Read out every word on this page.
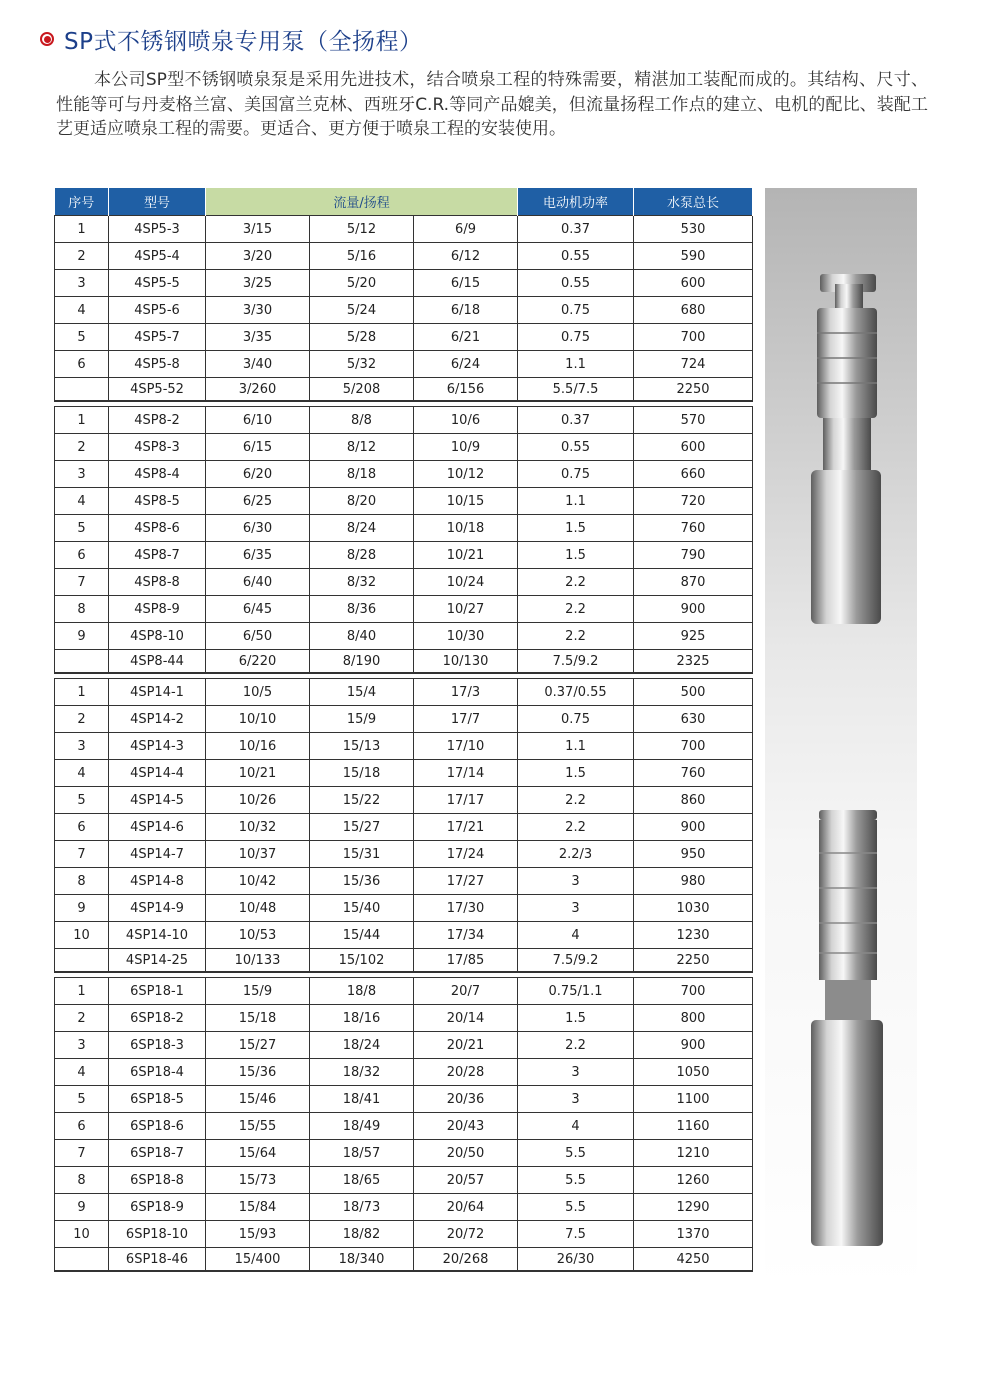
SP式不锈钢喷泉专用泵（全扬程）

本公司SP型不锈钢喷泉泵是采用先进技术，结合喷泉工程的特殊需要，精湛加工装配而成的。其结构、尺寸、性能等可与丹麦格兰富、美国富兰克林、西班牙C.R.等同产品媲美，但流量扬程工作点的建立、电机的配比、装配工艺更适应喷泉工程的需要。更适合、更方便于喷泉工程的安装使用。

序号	型号	流量/扬程			电动机功率	水泵总长
1	4SP5-3	3/15	5/12	6/9	0.37	530
2	4SP5-4	3/20	5/16	6/12	0.55	590
3	4SP5-5	3/25	5/20	6/15	0.55	600
4	4SP5-6	3/30	5/24	6/18	0.75	680
5	4SP5-7	3/35	5/28	6/21	0.75	700
6	4SP5-8	3/40	5/32	6/24	1.1	724
	4SP5-52	3/260	5/208	6/156	5.5/7.5	2250

1	4SP8-2	6/10	8/8	10/6	0.37	570
2	4SP8-3	6/15	8/12	10/9	0.55	600
3	4SP8-4	6/20	8/18	10/12	0.75	660
4	4SP8-5	6/25	8/20	10/15	1.1	720
5	4SP8-6	6/30	8/24	10/18	1.5	760
6	4SP8-7	6/35	8/28	10/21	1.5	790
7	4SP8-8	6/40	8/32	10/24	2.2	870
8	4SP8-9	6/45	8/36	10/27	2.2	900
9	4SP8-10	6/50	8/40	10/30	2.2	925
	4SP8-44	6/220	8/190	10/130	7.5/9.2	2325

1	4SP14-1	10/5	15/4	17/3	0.37/0.55	500
2	4SP14-2	10/10	15/9	17/7	0.75	630
3	4SP14-3	10/16	15/13	17/10	1.1	700
4	4SP14-4	10/21	15/18	17/14	1.5	760
5	4SP14-5	10/26	15/22	17/17	2.2	860
6	4SP14-6	10/32	15/27	17/21	2.2	900
7	4SP14-7	10/37	15/31	17/24	2.2/3	950
8	4SP14-8	10/42	15/36	17/27	3	980
9	4SP14-9	10/48	15/40	17/30	3	1030
10	4SP14-10	10/53	15/44	17/34	4	1230
	4SP14-25	10/133	15/102	17/85	7.5/9.2	2250

1	6SP18-1	15/9	18/8	20/7	0.75/1.1	700
2	6SP18-2	15/18	18/16	20/14	1.5	800
3	6SP18-3	15/27	18/24	20/21	2.2	900
4	6SP18-4	15/36	18/32	20/28	3	1050
5	6SP18-5	15/46	18/41	20/36	3	1100
6	6SP18-6	15/55	18/49	20/43	4	1160
7	6SP18-7	15/64	18/57	20/50	5.5	1210
8	6SP18-8	15/73	18/65	20/57	5.5	1260
9	6SP18-9	15/84	18/73	20/64	5.5	1290
10	6SP18-10	15/93	18/82	20/72	7.5	1370
	6SP18-46	15/400	18/340	20/268	26/30	4250
